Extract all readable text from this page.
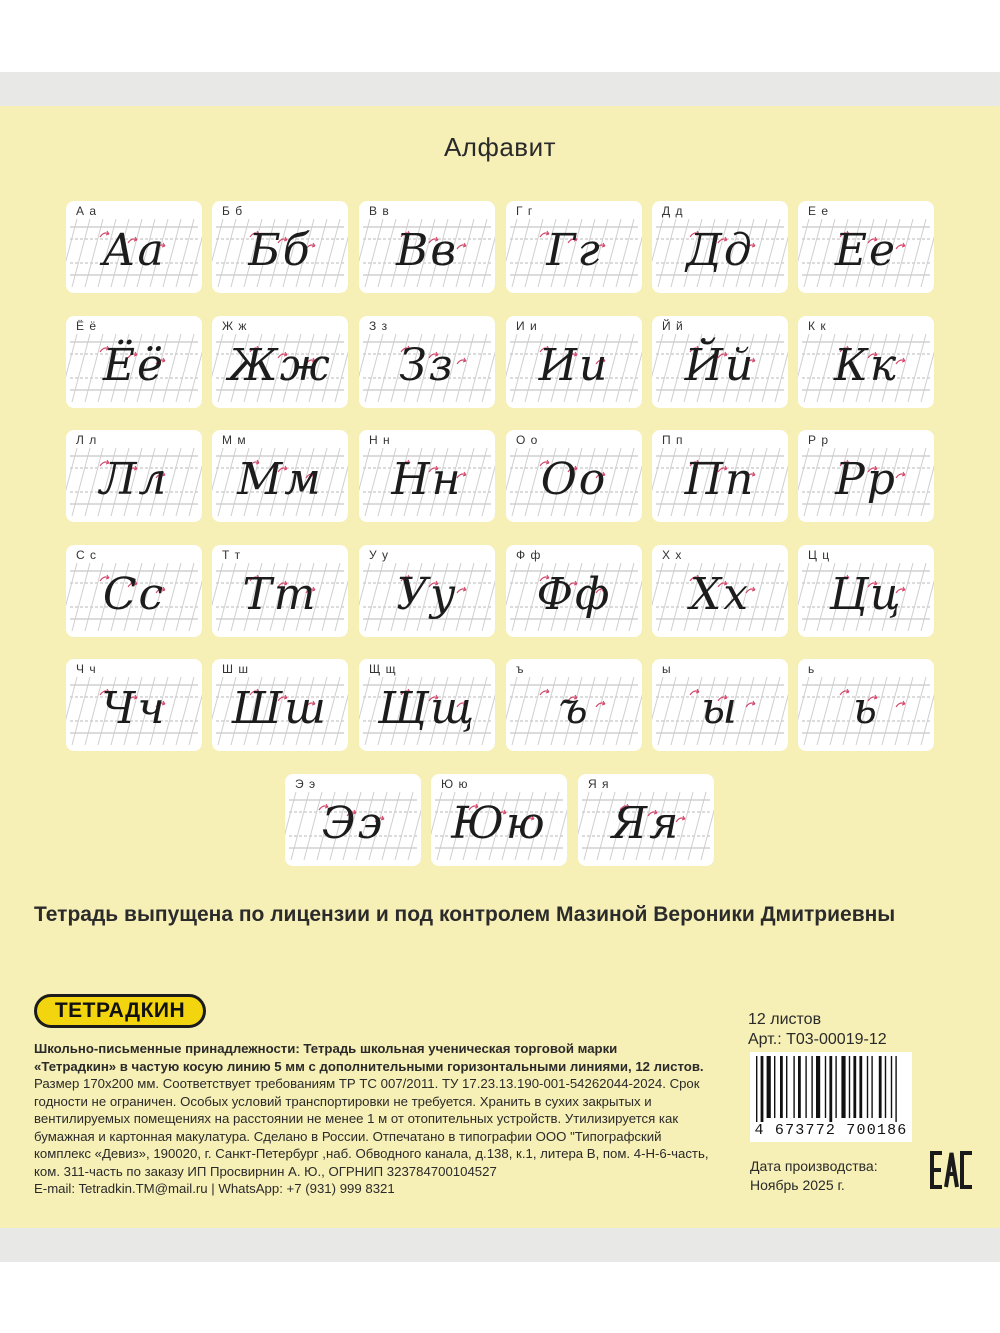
Алфавит
А а
Аа
Б б
Бб
В в
Вв
Г г
Гг
Д д
Дд
Е е
Ее
Ё ё
Ёё
Ж ж
Жж
З з
Зз
И и
Ии
Й й
Йй
К к
Кк
Л л
Лл
М м
Мм
Н н
Нн
О о
Оо
П п
Пп
Р р
Рр
С с
Сс
Т т
Тт
У у
Уу
Ф ф
Фф
Х х
Хх
Ц ц
Цц
Ч ч
Чч
Ш ш
Шш
Щ щ
Щщ
ъ
ъ
ы
ы
ь
ь
Э э
Ээ
Ю ю
Юю
Я я
Яя
Тетрадь выпущена по лицензии и под контролем Мазиной Вероники Дмитриевны
ТЕТРАДКИН
Школьно-письменные принадлежности: Тетрадь школьная ученическая торговой марки
«Тетрадкин» в частую косую линию 5 мм с дополнительными горизонтальными линиями, 12 листов.
Размер 170х200 мм. Соответствует требованиям ТР ТС 007/2011. ТУ 17.23.13.190-001-54262044-2024. Срок
годности не ограничен. Особых условий транспортировки не требуется. Хранить в сухих закрытых и
вентилируемых помещениях на расстоянии не менее 1 м от отопительных устройств. Утилизируется как
бумажная и картонная макулатура. Сделано в России. Отпечатано в типографии ООО "Типографский
комплекс «Девиз», 190020, г. Санкт-Петербург ,наб. Обводного канала, д.138, к.1, литера В, пом. 4-Н-6-часть,
ком. 311-часть по заказу ИП Просвирнин А. Ю., ОГРНИП 323784700104527
E-mail: Tetradkin.TM@mail.ru | WhatsApp: +7 (931) 999 8321
12 листов
Арт.: Т03-00019-12
4 673772 700186
Дата производства:
Ноябрь 2025 г.
